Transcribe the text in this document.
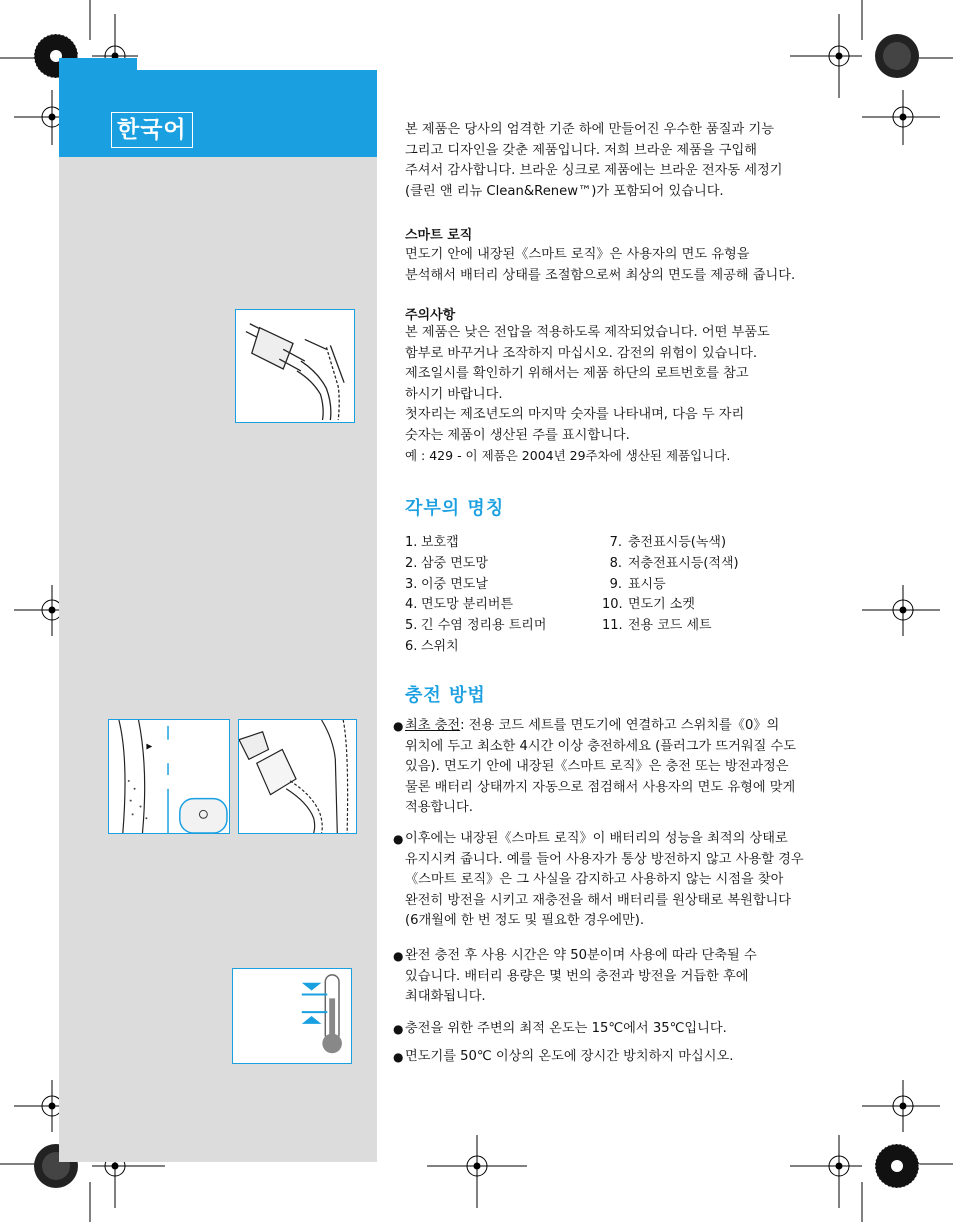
한국어	본 제품은 당사의 엄격한 기준 하에 만들어진 우수한 품질과 기능
그리고 디자인을 갖춘 제품입니다. 저희 브라운 제품을 구입해
주셔서 감사합니다. 브라운 싱크로 제품에는 브라운 전자동 세정기
(클린 앤 리뉴 Clean&Renew™)가 포함되어 있습니다.

스마트 로직

면도기 안에 내장된《스마트 로직》은 사용자의 면도 유형을
분석해서 배터리 상태를 조절함으로써 최상의 면도를 제공해 줍니다.

주의사항

본 제품은 낮은 전압을 적용하도록 제작되었습니다. 어떤 부품도
함부로 바꾸거나 조작하지 마십시오. 감전의 위험이 있습니다.
제조일시를 확인하기 위해서는 제품 하단의 로트번호를 참고
하시기 바랍니다.
첫자리는 제조년도의 마지막 숫자를 나타내며, 다음 두 자리
숫자는 제품이 생산된 주를 표시합니다.
예 : 429 - 이 제품은 2004년 29주차에 생산된 제품입니다.

각부의 명칭

1. 보호캡
2. 삼중 면도망
3. 이중 면도날
4. 면도망 분리버튼
5. 긴 수염 정리용 트리머
6. 스위치
7. 충전표시등(녹색)
8. 저충전표시등(적색)
9. 표시등
10. 면도기 소켓
11. 전용 코드 세트

충전 방법

● 최초 충전: 전용 코드 세트를 면도기에 연결하고 스위치를《0》의
위치에 두고 최소한 4시간 이상 충전하세요 (플러그가 뜨거워질 수도
있음). 면도기 안에 내장된《스마트 로직》은 충전 또는 방전과정은
물론 배터리 상태까지 자동으로 점검해서 사용자의 면도 유형에 맞게
적용합니다.
● 이후에는 내장된《스마트 로직》이 배터리의 성능을 최적의 상태로
유지시켜 줍니다. 예를 들어 사용자가 통상 방전하지 않고 사용할 경우
《스마트 로직》은 그 사실을 감지하고 사용하지 않는 시점을 찾아
완전히 방전을 시키고 재충전을 해서 배터리를 원상태로 복원합니다
(6개월에 한 번 정도 및 필요한 경우에만).
● 완전 충전 후 사용 시간은 약 50분이며 사용에 따라 단축될 수
있습니다. 배터리 용량은 몇 번의 충전과 방전을 거듭한 후에
최대화됩니다.
● 충전을 위한 주변의 최적 온도는 15℃에서 35℃입니다.
● 면도기를 50℃ 이상의 온도에 장시간 방치하지 마십시오.
